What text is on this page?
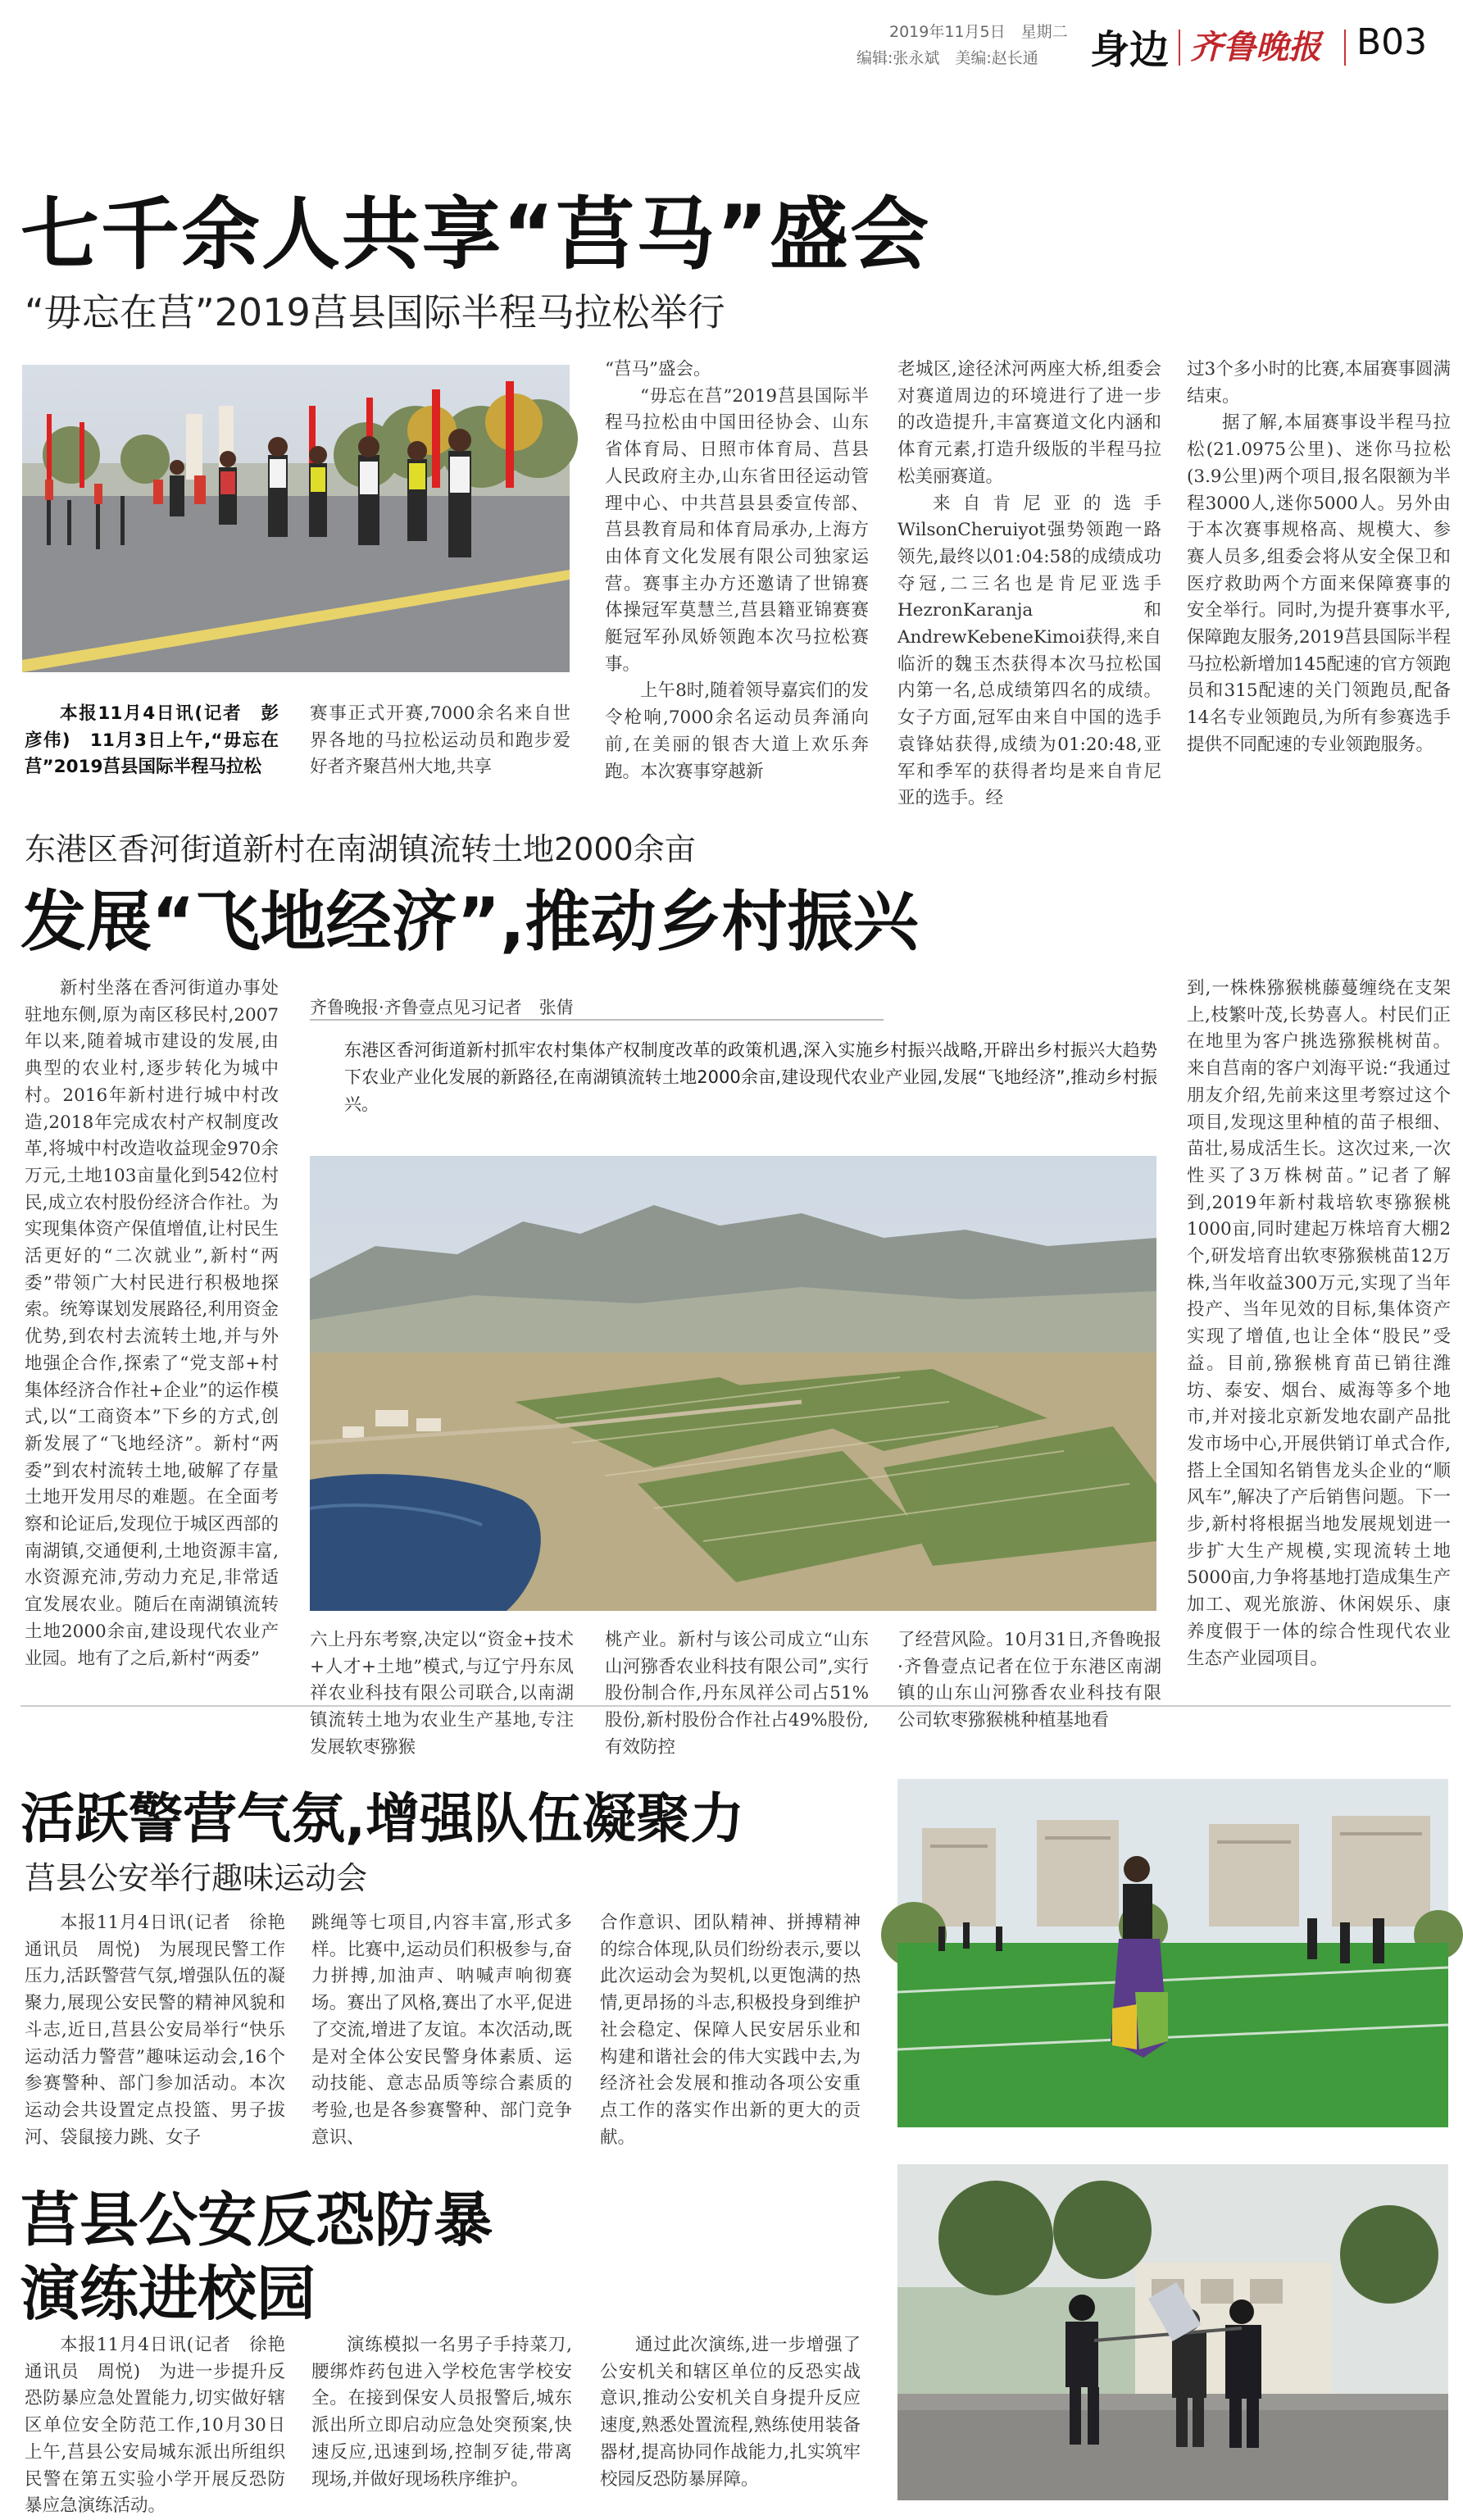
2019年11月5日　星期二
编辑:张永斌　美编:赵长通 身边 齐鲁晚报 B03
七千余人共享“莒马”盛会
“毋忘在莒”2019莒县国际半程马拉松举行

本报11月4日讯(记者　彭彦伟)　11月3日上午,“毋忘在莒”2019莒县国际半程马拉松

赛事正式开赛,7000余名来自世界各地的马拉松运动员和跑步爱好者齐聚莒州大地,共享

“莒马”盛会。

“毋忘在莒”2019莒县国际半程马拉松由中国田径协会、山东省体育局、日照市体育局、莒县人民政府主办,山东省田径运动管理中心、中共莒县县委宣传部、莒县教育局和体育局承办,上海方由体育文化发展有限公司独家运营。赛事主办方还邀请了世锦赛体操冠军莫慧兰,莒县籍亚锦赛赛艇冠军孙凤娇领跑本次马拉松赛事。

上午8时,随着领导嘉宾们的发令枪响,7000余名运动员奔涌向前,在美丽的银杏大道上欢乐奔跑。本次赛事穿越新

老城区,途径沭河两座大桥,组委会对赛道周边的环境进行了进一步的改造提升,丰富赛道文化内涵和体育元素,打造升级版的半程马拉松美丽赛道。

来自肯尼亚的选手WilsonCheruiyot强势领跑一路领先,最终以01:04:58的成绩成功夺冠,二三名也是肯尼亚选手HezronKaranja和AndrewKebeneKimoi获得,来自临沂的魏玉杰获得本次马拉松国内第一名,总成绩第四名的成绩。女子方面,冠军由来自中国的选手袁锋姑获得,成绩为01:20:48,亚军和季军的获得者均是来自肯尼亚的选手。经

过3个多小时的比赛,本届赛事圆满结束。

据了解,本届赛事设半程马拉松(21.0975公里)、迷你马拉松(3.9公里)两个项目,报名限额为半程3000人,迷你5000人。另外由于本次赛事规格高、规模大、参赛人员多,组委会将从安全保卫和医疗救助两个方面来保障赛事的安全举行。同时,为提升赛事水平,保障跑友服务,2019莒县国际半程马拉松新增加145配速的官方领跑员和315配速的关门领跑员,配备14名专业领跑员,为所有参赛选手提供不同配速的专业领跑服务。

东港区香河街道新村在南湖镇流转土地2000余亩
发展“飞地经济”,推动乡村振兴

新村坐落在香河街道办事处驻地东侧,原为南区移民村,2007年以来,随着城市建设的发展,由典型的农业村,逐步转化为城中村。2016年新村进行城中村改造,2018年完成农村产权制度改革,将城中村改造收益现金970余万元,土地103亩量化到542位村民,成立农村股份经济合作社。为实现集体资产保值增值,让村民生活更好的“二次就业”,新村“两委”带领广大村民进行积极地探索。统筹谋划发展路径,利用资金优势,到农村去流转土地,并与外地强企合作,探索了“党支部+村集体经济合作社+企业”的运作模式,以“工商资本”下乡的方式,创新发展了“飞地经济”。新村“两委”到农村流转土地,破解了存量土地开发用尽的难题。在全面考察和论证后,发现位于城区西部的南湖镇,交通便利,土地资源丰富,水资源充沛,劳动力充足,非常适宜发展农业。随后在南湖镇流转土地2000余亩,建设现代农业产业园。地有了之后,新村“两委”

齐鲁晚报·齐鲁壹点见习记者　张倩

东港区香河街道新村抓牢农村集体产权制度改革的政策机遇,深入实施乡村振兴战略,开辟出乡村振兴大趋势下农业产业化发展的新路径,在南湖镇流转土地2000余亩,建设现代农业产业园,发展“飞地经济”,推动乡村振兴。

六上丹东考察,决定以“资金+技术+人才+土地”模式,与辽宁丹东凤祥农业科技有限公司联合,以南湖镇流转土地为农业生产基地,专注发展软枣猕猴

桃产业。新村与该公司成立“山东山河猕香农业科技有限公司”,实行股份制合作,丹东凤祥公司占51%股份,新村股份合作社占49%股份,有效防控

了经营风险。10月31日,齐鲁晚报·齐鲁壹点记者在位于东港区南湖镇的山东山河猕香农业科技有限公司软枣猕猴桃种植基地看

到,一株株猕猴桃藤蔓缠绕在支架上,枝繁叶茂,长势喜人。村民们正在地里为客户挑选猕猴桃树苗。来自莒南的客户刘海平说:“我通过朋友介绍,先前来这里考察过这个项目,发现这里种植的苗子根细、苗壮,易成活生长。这次过来,一次性买了3万株树苗。”记者了解到,2019年新村栽培软枣猕猴桃1000亩,同时建起万株培育大棚2个,研发培育出软枣猕猴桃苗12万株,当年收益300万元,实现了当年投产、当年见效的目标,集体资产实现了增值,也让全体“股民”受益。目前,猕猴桃育苗已销往潍坊、泰安、烟台、威海等多个地市,并对接北京新发地农副产品批发市场中心,开展供销订单式合作,搭上全国知名销售龙头企业的“顺风车”,解决了产后销售问题。下一步,新村将根据当地发展规划进一步扩大生产规模,实现流转土地5000亩,力争将基地打造成集生产加工、观光旅游、休闲娱乐、康养度假于一体的综合性现代农业生态产业园项目。

活跃警营气氛,增强队伍凝聚力
莒县公安举行趣味运动会

本报11月4日讯(记者　徐艳　通讯员　周悦)　为展现民警工作压力,活跃警营气氛,增强队伍的凝聚力,展现公安民警的精神风貌和斗志,近日,莒县公安局举行“快乐运动活力警营”趣味运动会,16个参赛警种、部门参加活动。本次运动会共设置定点投篮、男子拔河、袋鼠接力跳、女子

跳绳等七项目,内容丰富,形式多样。比赛中,运动员们积极参与,奋力拼搏,加油声、呐喊声响彻赛场。赛出了风格,赛出了水平,促进了交流,增进了友谊。本次活动,既是对全体公安民警身体素质、运动技能、意志品质等综合素质的考验,也是各参赛警种、部门竞争意识、

合作意识、团队精神、拼搏精神的综合体现,队员们纷纷表示,要以此次运动会为契机,以更饱满的热情,更昂扬的斗志,积极投身到维护社会稳定、保障人民安居乐业和构建和谐社会的伟大实践中去,为经济社会发展和推动各项公安重点工作的落实作出新的更大的贡献。

莒县公安反恐防暴
演练进校园

本报11月4日讯(记者　徐艳　通讯员　周悦)　为进一步提升反恐防暴应急处置能力,切实做好辖区单位安全防范工作,10月30日上午,莒县公安局城东派出所组织民警在第五实验小学开展反恐防暴应急演练活动。

演练模拟一名男子手持菜刀,腰绑炸药包进入学校危害学校安全。在接到保安人员报警后,城东派出所立即启动应急处突预案,快速反应,迅速到场,控制歹徒,带离现场,并做好现场秩序维护。

通过此次演练,进一步增强了公安机关和辖区单位的反恐实战意识,推动公安机关自身提升反应速度,熟悉处置流程,熟练使用装备器材,提高协同作战能力,扎实筑牢校园反恐防暴屏障。
